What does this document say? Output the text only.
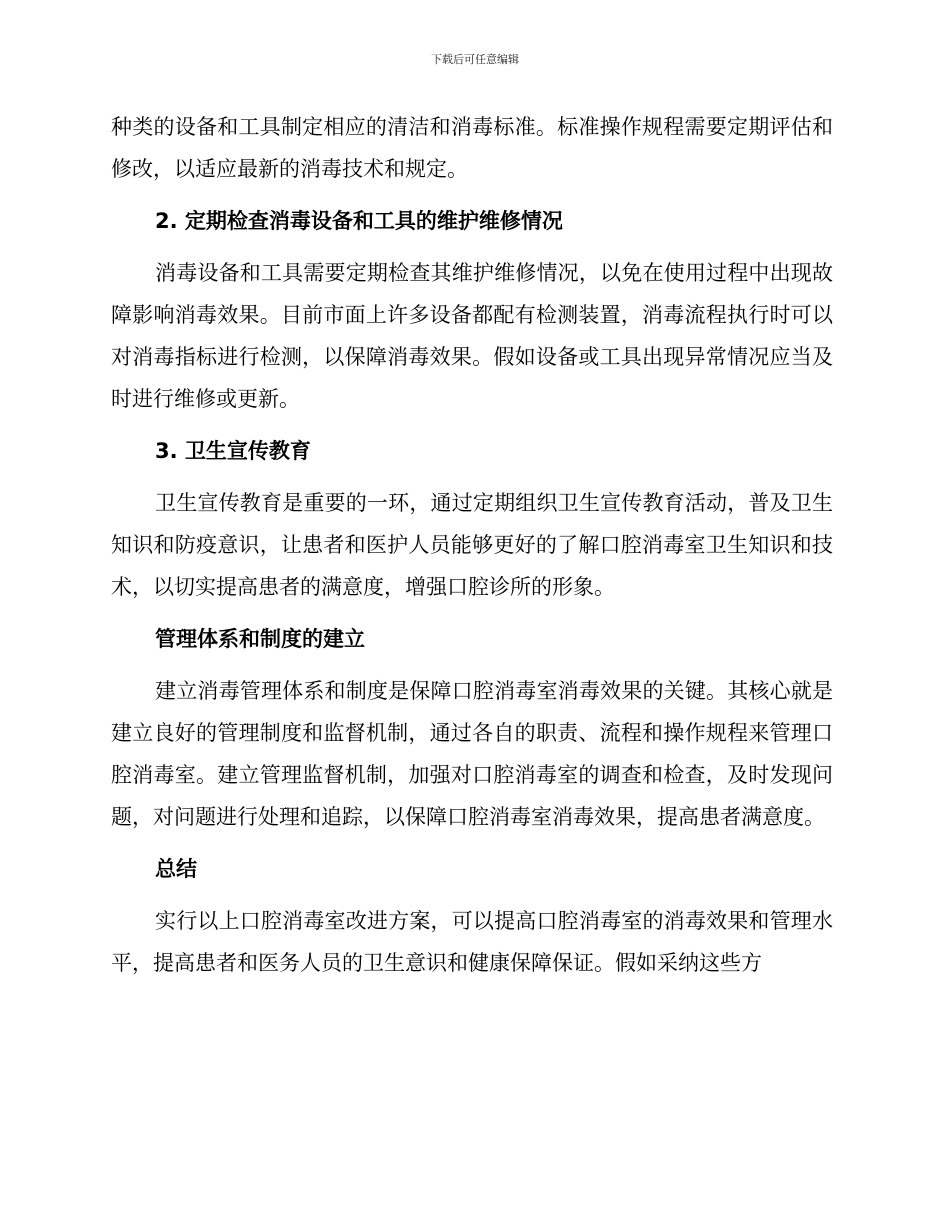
下载后可任意编辑

种类的设备和工具制定相应的清洁和消毒标准。标准操作规程需要定期评估和修改，以适应最新的消毒技术和规定。

2. 定期检查消毒设备和工具的维护维修情况

消毒设备和工具需要定期检查其维护维修情况，以免在使用过程中出现故障影响消毒效果。目前市面上许多设备都配有检测装置，消毒流程执行时可以对消毒指标进行检测，以保障消毒效果。假如设备或工具出现异常情况应当及时进行维修或更新。

3. 卫生宣传教育

卫生宣传教育是重要的一环，通过定期组织卫生宣传教育活动，普及卫生知识和防疫意识，让患者和医护人员能够更好的了解口腔消毒室卫生知识和技术，以切实提高患者的满意度，增强口腔诊所的形象。

管理体系和制度的建立

建立消毒管理体系和制度是保障口腔消毒室消毒效果的关键。其核心就是建立良好的管理制度和监督机制，通过各自的职责、流程和操作规程来管理口腔消毒室。建立管理监督机制，加强对口腔消毒室的调查和检查，及时发现问题，对问题进行处理和追踪，以保障口腔消毒室消毒效果，提高患者满意度。

总结

实行以上口腔消毒室改进方案，可以提高口腔消毒室的消毒效果和管理水平，提高患者和医务人员的卫生意识和健康保障保证。假如采纳这些方
